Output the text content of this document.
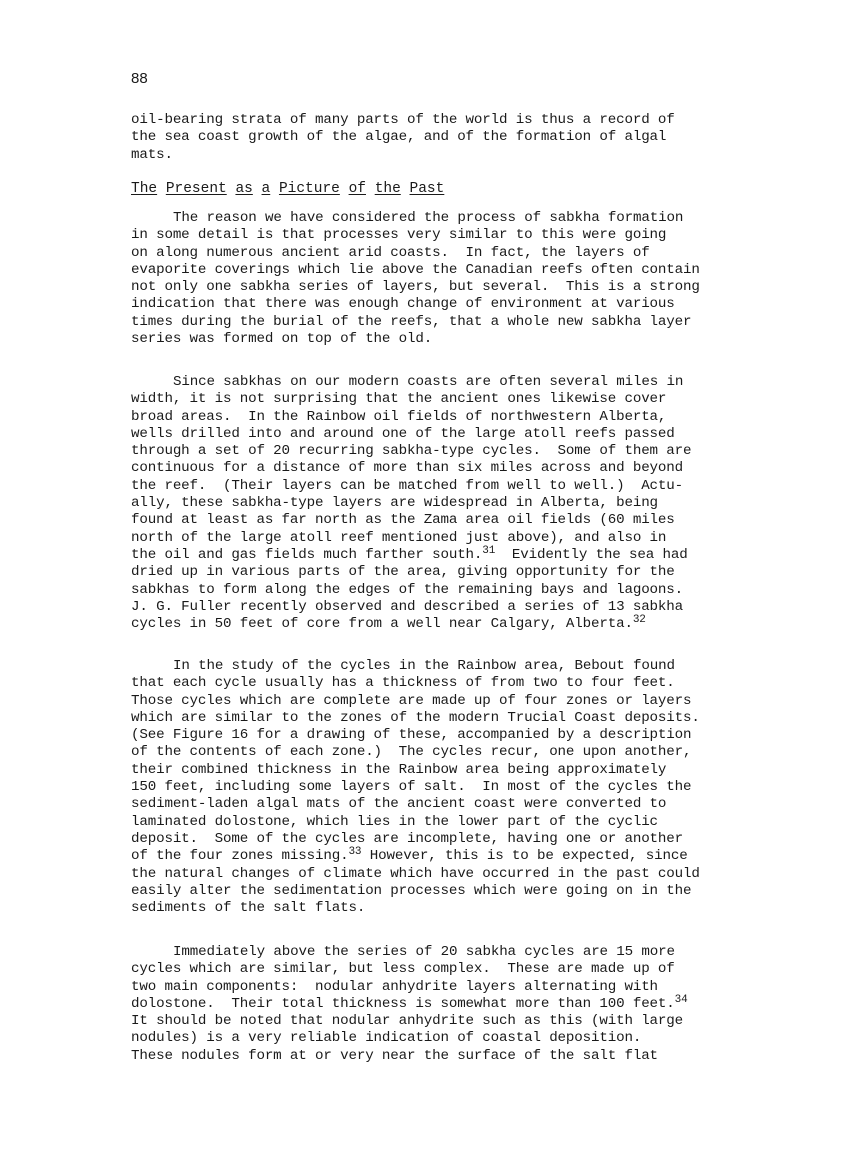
88
oil-bearing strata of many parts of the world is thus a record of
the sea coast growth of the algae, and of the formation of algal
mats.
The Present as a Picture of the Past
The reason we have considered the process of sabkha formation
in some detail is that processes very similar to this were going
on along numerous ancient arid coasts.  In fact, the layers of
evaporite coverings which lie above the Canadian reefs often contain
not only one sabkha series of layers, but several.  This is a strong
indication that there was enough change of environment at various
times during the burial of the reefs, that a whole new sabkha layer
series was formed on top of the old.
Since sabkhas on our modern coasts are often several miles in
width, it is not surprising that the ancient ones likewise cover
broad areas.  In the Rainbow oil fields of northwestern Alberta,
wells drilled into and around one of the large atoll reefs passed
through a set of 20 recurring sabkha-type cycles.  Some of them are
continuous for a distance of more than six miles across and beyond
the reef.  (Their layers can be matched from well to well.)  Actu-
ally, these sabkha-type layers are widespread in Alberta, being
found at least as far north as the Zama area oil fields (60 miles
north of the large atoll reef mentioned just above), and also in
the oil and gas fields much farther south.$^{31}$  Evidently the sea had
dried up in various parts of the area, giving opportunity for the
sabkhas to form along the edges of the remaining bays and lagoons.
J. G. Fuller recently observed and described a series of 13 sabkha
cycles in 50 feet of core from a well near Calgary, Alberta.$^{32}$
In the study of the cycles in the Rainbow area, Bebout found
that each cycle usually has a thickness of from two to four feet.
Those cycles which are complete are made up of four zones or layers
which are similar to the zones of the modern Trucial Coast deposits.
(See Figure 16 for a drawing of these, accompanied by a description
of the contents of each zone.)  The cycles recur, one upon another,
their combined thickness in the Rainbow area being approximately
150 feet, including some layers of salt.  In most of the cycles the
sediment-laden algal mats of the ancient coast were converted to
laminated dolostone, which lies in the lower part of the cyclic
deposit.  Some of the cycles are incomplete, having one or another
of the four zones missing.$^{33}$ However, this is to be expected, since
the natural changes of climate which have occurred in the past could
easily alter the sedimentation processes which were going on in the
sediments of the salt flats.
Immediately above the series of 20 sabkha cycles are 15 more
cycles which are similar, but less complex.  These are made up of
two main components:  nodular anhydrite layers alternating with
dolostone.  Their total thickness is somewhat more than 100 feet.$^{34}$
It should be noted that nodular anhydrite such as this (with large
nodules) is a very reliable indication of coastal deposition.
These nodules form at or very near the surface of the salt flat
